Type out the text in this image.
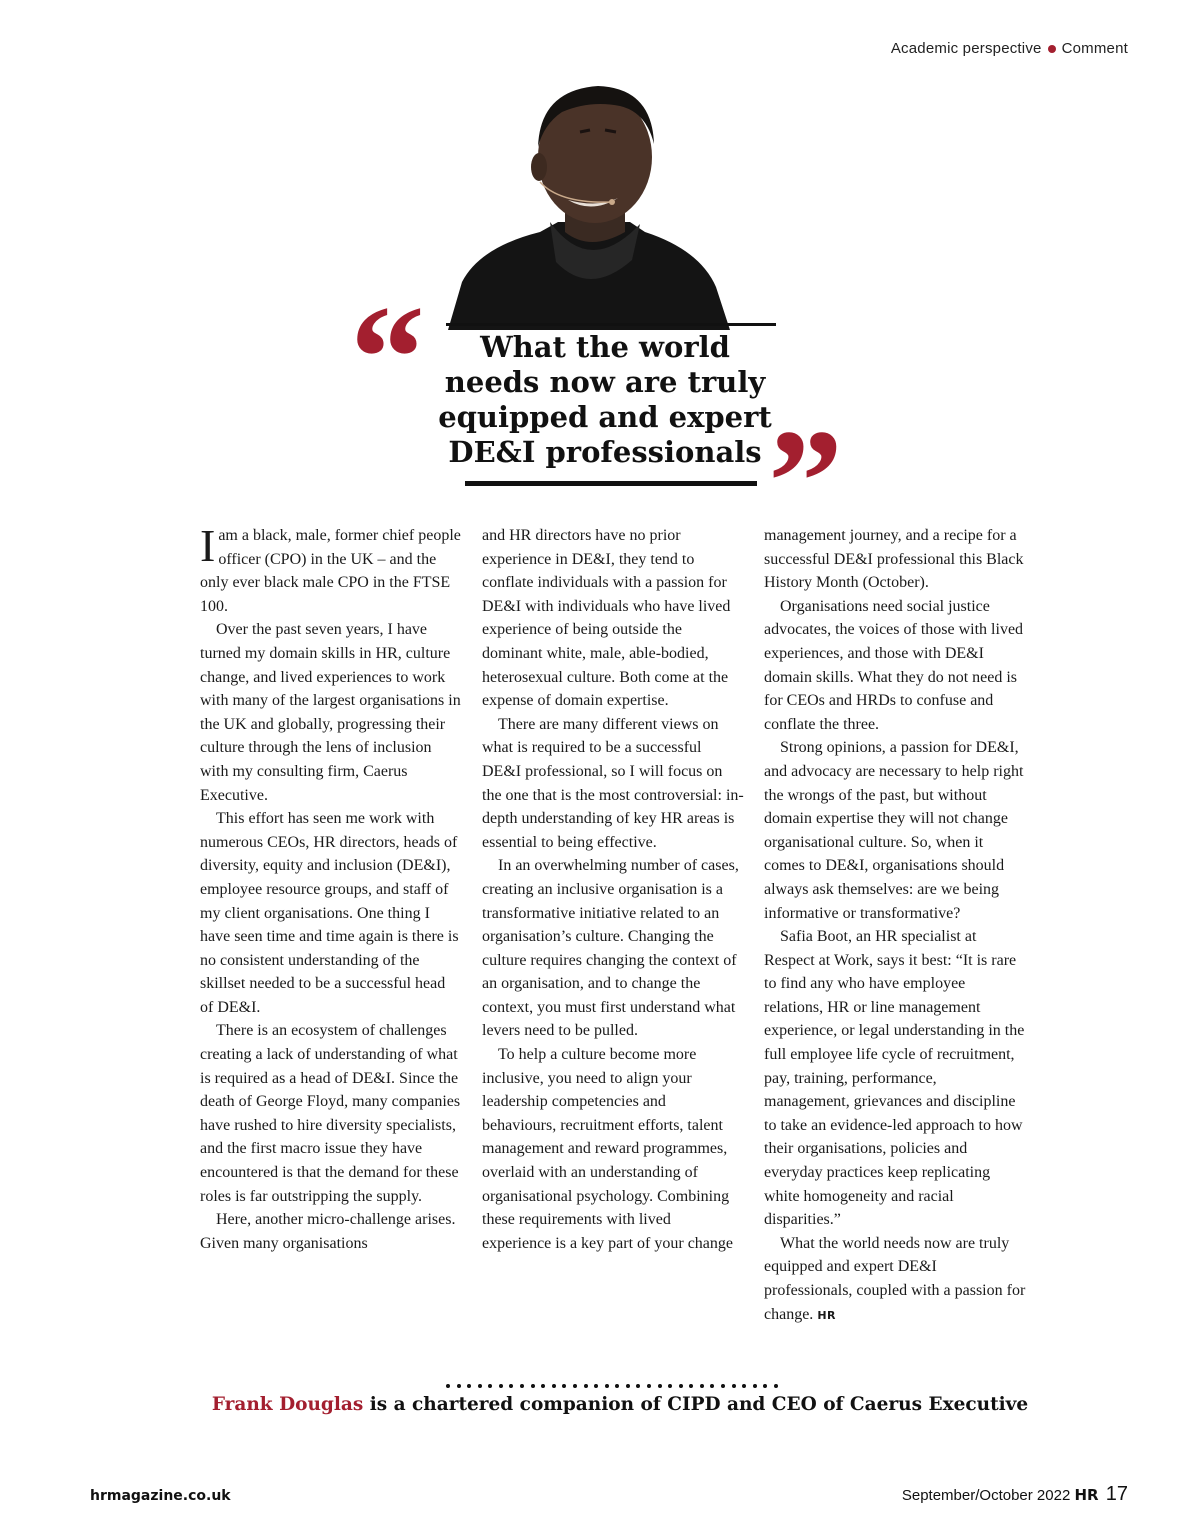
Academic perspective Comment
“	What the world
needs now are truly
equipped and expert
DE&I professionals ”

Iam a black, male, former chief people officer (CPO) in the UK – and the only ever black male CPO in the FTSE 100.

Over the past seven years, I have turned my domain skills in HR, culture change, and lived experiences to work with many of the largest organisations in the UK and globally, progressing their culture through the lens of inclusion with my consulting firm, Caerus Executive.

This effort has seen me work with numerous CEOs, HR directors, heads of diversity, equity and inclusion (DE&I), employee resource groups, and staff of my client organisations. One thing I have seen time and time again is there is no consistent understanding of the skillset needed to be a successful head of DE&I.

There is an ecosystem of challenges creating a lack of understanding of what is required as a head of DE&I. Since the death of George Floyd, many companies have rushed to hire diversity specialists, and the first macro issue they have encountered is that the demand for these roles is far outstripping the supply.

Here, another micro-challenge arises. Given many organisations

and HR directors have no prior experience in DE&I, they tend to conflate individuals with a passion for DE&I with individuals who have lived experience of being outside the dominant white, male, able-bodied, heterosexual culture. Both come at the expense of domain expertise.

There are many different views on what is required to be a successful DE&I professional, so I will focus on the one that is the most controversial: in-depth understanding of key HR areas is essential to being effective.

In an overwhelming number of cases, creating an inclusive organisation is a transformative initiative related to an organisation’s culture. Changing the culture requires changing the context of an organisation, and to change the context, you must first understand what levers need to be pulled.

To help a culture become more inclusive, you need to align your leadership competencies and behaviours, recruitment efforts, talent management and reward programmes, overlaid with an understanding of organisational psychology. Combining these requirements with lived experience is a key part of your change

management journey, and a recipe for a successful DE&I professional this Black History Month (October).

Organisations need social justice advocates, the voices of those with lived experiences, and those with DE&I domain skills. What they do not need is for CEOs and HRDs to confuse and conflate the three.

Strong opinions, a passion for DE&I, and advocacy are necessary to help right the wrongs of the past, but without domain expertise they will not change organisational culture. So, when it comes to DE&I, organisations should always ask themselves: are we being informative or transformative?

Safia Boot, an HR specialist at Respect at Work, says it best: “It is rare to find any who have employee relations, HR or line management experience, or legal understanding in the full employee life cycle of recruitment, pay, training, performance, management, grievances and discipline to take an evidence-led approach to how their organisations, policies and everyday practices keep replicating white homogeneity and racial disparities.”

What the world needs now are truly equipped and expert DE&I professionals, coupled with a passion for change. HR

Frank Douglas is a chartered companion of CIPD and CEO of Caerus Executive
hrmagazine.co.uk	September/October 2022 HR 17
